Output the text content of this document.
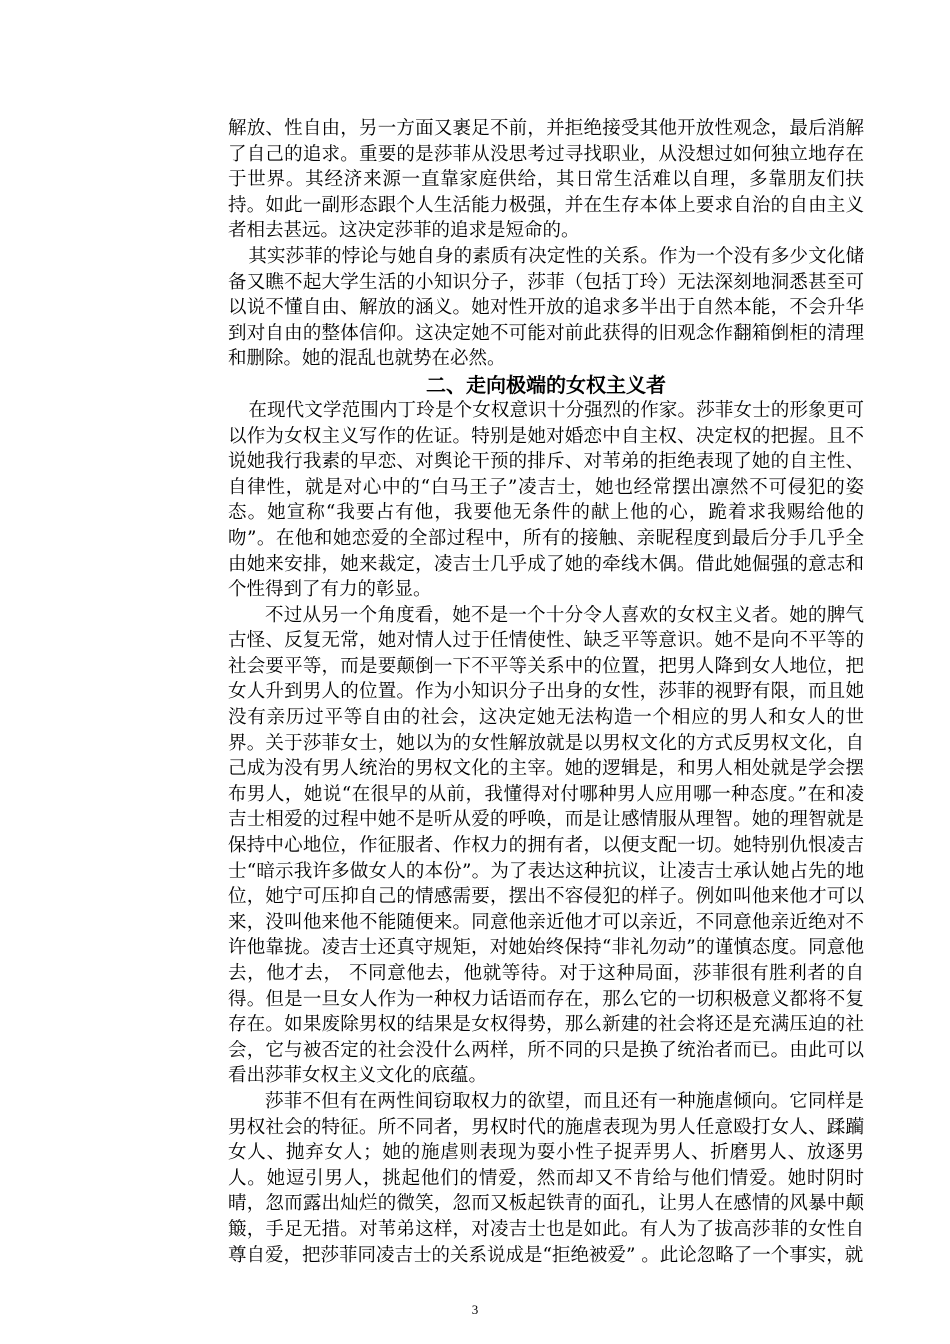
解放、性自由，另一方面又裹足不前，并拒绝接受其他开放性观念，最后消解了自己的追求。重要的是莎菲从没思考过寻找职业，从没想过如何独立地存在于世界。其经济来源一直靠家庭供给，其日常生活难以自理，多靠朋友们扶持。如此一副形态跟个人生活能力极强，并在生存本体上要求自治的自由主义者相去甚远。这决定莎菲的追求是短命的。

其实莎菲的悖论与她自身的素质有决定性的关系。作为一个没有多少文化储备又瞧不起大学生活的小知识分子，莎菲（包括丁玲）无法深刻地洞悉甚至可以说不懂自由、解放的涵义。她对性开放的追求多半出于自然本能，不会升华到对自由的整体信仰。这决定她不可能对前此获得的旧观念作翻箱倒柜的清理和删除。她的混乱也就势在必然。

二、走向极端的女权主义者

在现代文学范围内丁玲是个女权意识十分强烈的作家。莎菲女士的形象更可以作为女权主义写作的佐证。特别是她对婚恋中自主权、决定权的把握。且不说她我行我素的早恋、对舆论干预的排斥、对苇弟的拒绝表现了她的自主性、自律性，就是对心中的“白马王子”凌吉士，她也经常摆出凛然不可侵犯的姿态。她宣称“我要占有他，我要他无条件的献上他的心，跪着求我赐给他的吻”。在他和她恋爱的全部过程中，所有的接触、亲昵程度到最后分手几乎全由她来安排，她来裁定，凌吉士几乎成了她的牵线木偶。借此她倔强的意志和个性得到了有力的彰显。

不过从另一个角度看，她不是一个十分令人喜欢的女权主义者。她的脾气古怪、反复无常，她对情人过于任情使性、缺乏平等意识。她不是向不平等的社会要平等，而是要颠倒一下不平等关系中的位置，把男人降到女人地位，把女人升到男人的位置。作为小知识分子出身的女性，莎菲的视野有限，而且她没有亲历过平等自由的社会，这决定她无法构造一个相应的男人和女人的世界。关于莎菲女士，她以为的女性解放就是以男权文化的方式反男权文化，自己成为没有男人统治的男权文化的主宰。她的逻辑是，和男人相处就是学会摆布男人，她说“在很早的从前，我懂得对付哪种男人应用哪一种态度。”在和凌吉士相爱的过程中她不是听从爱的呼唤，而是让感情服从理智。她的理智就是保持中心地位，作征服者、作权力的拥有者，以便支配一切。她特别仇恨凌吉士“暗示我许多做女人的本份”。为了表达这种抗议，让凌吉士承认她占先的地位，她宁可压抑自己的情感需要，摆出不容侵犯的样子。例如叫他来他才可以来，没叫他来他不能随便来。同意他亲近他才可以亲近，不同意他亲近绝对不许他靠拢。凌吉士还真守规矩，对她始终保持“非礼勿动”的谨慎态度。同意他去，他才去， 不同意他去，他就等待。对于这种局面，莎菲很有胜利者的自得。但是一旦女人作为一种权力话语而存在，那么它的一切积极意义都将不复存在。如果废除男权的结果是女权得势，那么新建的社会将还是充满压迫的社会，它与被否定的社会没什么两样，所不同的只是换了统治者而已。由此可以看出莎菲女权主义文化的底蕴。

莎菲不但有在两性间窃取权力的欲望，而且还有一种施虐倾向。它同样是男权社会的特征。所不同者，男权时代的施虐表现为男人任意殴打女人、蹂躏女人、抛弃女人；她的施虐则表现为耍小性子捉弄男人、折磨男人、放逐男人。她逗引男人，挑起他们的情爱，然而却又不肯给与他们情爱。她时阴时晴，忽而露出灿烂的微笑，忽而又板起铁青的面孔，让男人在感情的风暴中颠簸，手足无措。对苇弟这样，对凌吉士也是如此。有人为了拔高莎菲的女性自尊自爱，把莎菲同凌吉士的关系说成是“拒绝被爱” 。此论忽略了一个事实，就

3
